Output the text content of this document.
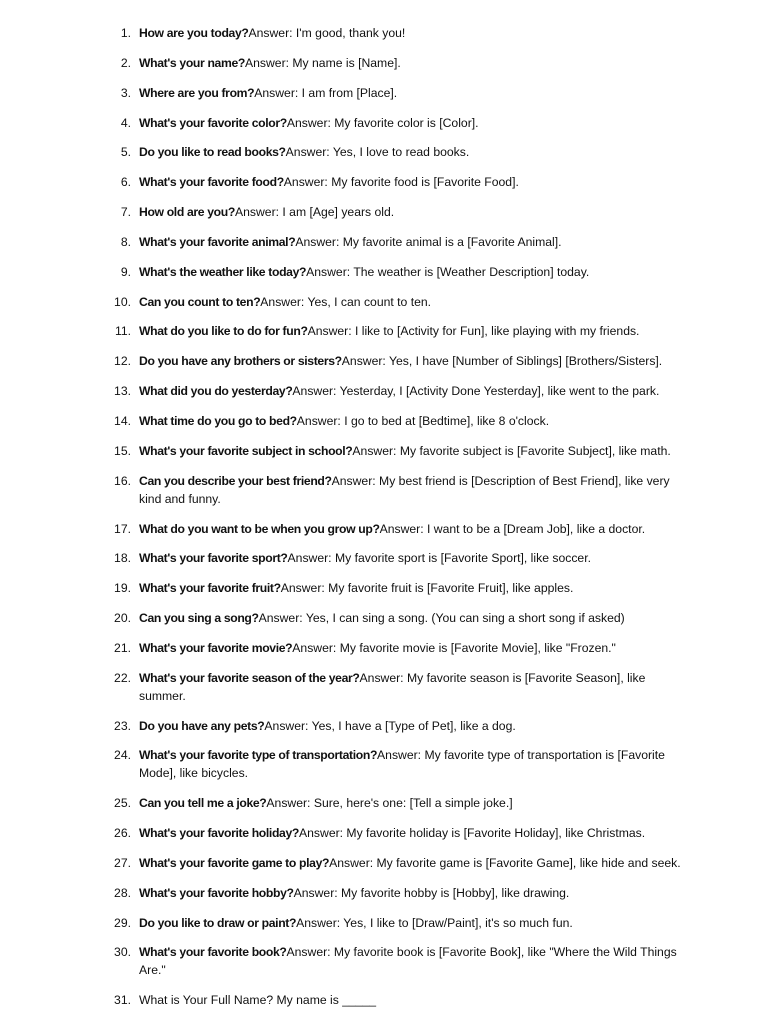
1. How are you today?Answer: I'm good, thank you!
2. What's your name?Answer: My name is [Name].
3. Where are you from?Answer: I am from [Place].
4. What's your favorite color?Answer: My favorite color is [Color].
5. Do you like to read books?Answer: Yes, I love to read books.
6. What's your favorite food?Answer: My favorite food is [Favorite Food].
7. How old are you?Answer: I am [Age] years old.
8. What's your favorite animal?Answer: My favorite animal is a [Favorite Animal].
9. What's the weather like today?Answer: The weather is [Weather Description] today.
10. Can you count to ten?Answer: Yes, I can count to ten.
11. What do you like to do for fun?Answer: I like to [Activity for Fun], like playing with my friends.
12. Do you have any brothers or sisters?Answer: Yes, I have [Number of Siblings] [Brothers/Sisters].
13. What did you do yesterday?Answer: Yesterday, I [Activity Done Yesterday], like went to the park.
14. What time do you go to bed?Answer: I go to bed at [Bedtime], like 8 o'clock.
15. What's your favorite subject in school?Answer: My favorite subject is [Favorite Subject], like math.
16. Can you describe your best friend?Answer: My best friend is [Description of Best Friend], like very kind and funny.
17. What do you want to be when you grow up?Answer: I want to be a [Dream Job], like a doctor.
18. What's your favorite sport?Answer: My favorite sport is [Favorite Sport], like soccer.
19. What's your favorite fruit?Answer: My favorite fruit is [Favorite Fruit], like apples.
20. Can you sing a song?Answer: Yes, I can sing a song. (You can sing a short song if asked)
21. What's your favorite movie?Answer: My favorite movie is [Favorite Movie], like "Frozen."
22. What's your favorite season of the year?Answer: My favorite season is [Favorite Season], like summer.
23. Do you have any pets?Answer: Yes, I have a [Type of Pet], like a dog.
24. What's your favorite type of transportation?Answer: My favorite type of transportation is [Favorite Mode], like bicycles.
25. Can you tell me a joke?Answer: Sure, here's one: [Tell a simple joke.]
26. What's your favorite holiday?Answer: My favorite holiday is [Favorite Holiday], like Christmas.
27. What's your favorite game to play?Answer: My favorite game is [Favorite Game], like hide and seek.
28. What's your favorite hobby?Answer: My favorite hobby is [Hobby], like drawing.
29. Do you like to draw or paint?Answer: Yes, I like to [Draw/Paint], it's so much fun.
30. What's your favorite book?Answer: My favorite book is [Favorite Book], like "Where the Wild Things Are."
31. What is Your Full Name? My name is _____
